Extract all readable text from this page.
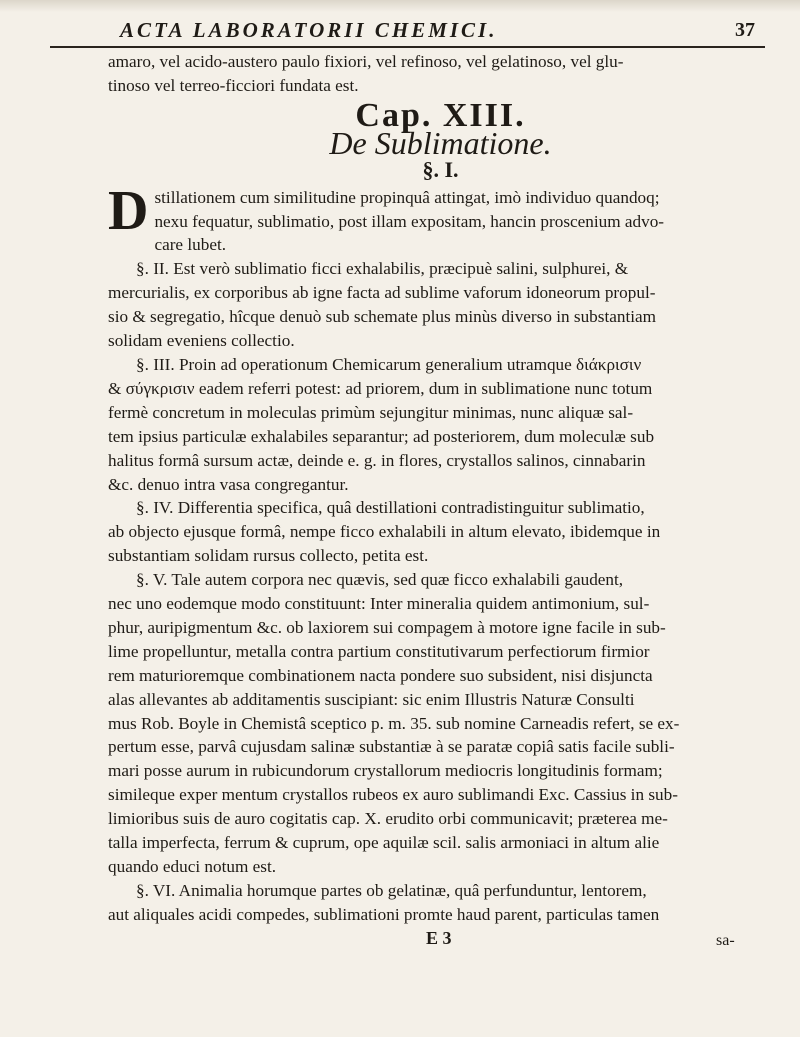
ACTA LABORATORII CHEMICI.	37

amaro, vel acido-austero paulo fixiori, vel refinoso, vel gelatinoso, vel glu-

tinoso vel terreo-ficciori fundata est.

Cap. XIII.
De Sublimatione.
§. I.
D stillationem cum similitudine propinquâ attingat, imò individuo quandoq;

nexu fequatur, sublimatio, post illam expositam, hancin proscenium advo-

care lubet.

§. II. Est verò sublimatio ficci exhalabilis, præcipuè salini, sulphurei, &

mercurialis, ex corporibus ab igne facta ad sublime vaforum idoneorum propul-

sio & segregatio, hîcque denuò sub schemate plus minùs diverso in substantiam

solidam eveniens collectio.

§. III. Proin ad operationum Chemicarum generalium utramque διάκρισιν

& σύγκρισιν eadem referri potest: ad priorem, dum in sublimatione nunc totum

fermè concretum in moleculas primùm sejungitur minimas, nunc aliquæ sal-

tem ipsius particulæ exhalabiles separantur; ad posteriorem, dum moleculæ sub

halitus formâ sursum actæ, deinde e. g. in flores, crystallos salinos, cinnabarin

&c. denuo intra vasa congregantur.

§. IV. Differentia specifica, quâ destillationi contradistinguitur sublimatio,

ab objecto ejusque formâ, nempe ficco exhalabili in altum elevato, ibidemque in

substantiam solidam rursus collecto, petita est.

§. V. Tale autem corpora nec quævis, sed quæ ficco exhalabili gaudent,

nec uno eodemque modo constituunt: Inter mineralia quidem antimonium, sul-

phur, auripigmentum &c. ob laxiorem sui compagem à motore igne facile in sub-

lime propelluntur, metalla contra partium constitutivarum perfectiorum firmior

rem maturioremque combinationem nacta pondere suo subsident, nisi disjuncta

alas allevantes ab additamentis suscipiant: sic enim Illustris Naturæ Consulti

mus Rob. Boyle in Chemistâ sceptico p. m. 35. sub nomine Carneadis refert, se ex-

pertum esse, parvâ cujusdam salinæ substantiæ à se paratæ copiâ satis facile subli-

mari posse aurum in rubicundorum crystallorum mediocris longitudinis formam;

simileque exper mentum crystallos rubeos ex auro sublimandi Exc. Cassius in sub-

limioribus suis de auro cogitatis cap. X. erudito orbi communicavit; præterea me-

talla imperfecta, ferrum & cuprum, ope aquilæ scil. salis armoniaci in altum alie

quando educi notum est.

§. VI. Animalia horumque partes ob gelatinæ, quâ perfunduntur, lentorem,

aut aliquales acidi compedes, sublimationi promte haud parent, particulas tamen

E 3	sa-
